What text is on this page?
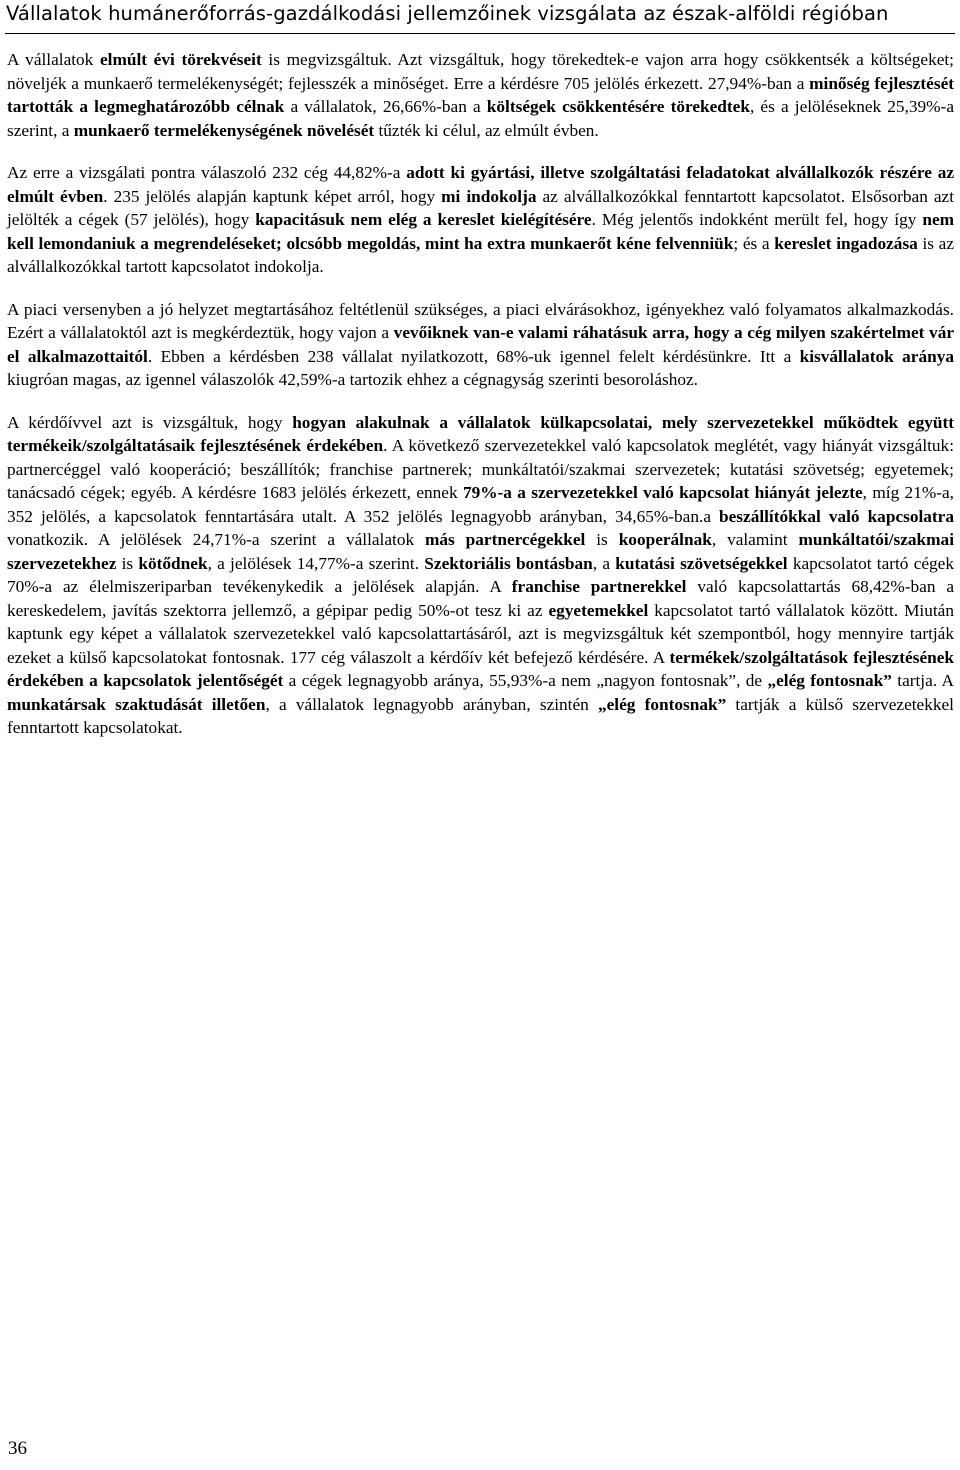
Vállalatok humánerőforrás-gazdálkodási jellemzőinek vizsgálata az észak-alföldi régióban

A vállalatok elmúlt évi törekvéseit is megvizsgáltuk. Azt vizsgáltuk, hogy törekedtek-e vajon arra hogy csökkentsék a költségeket; növeljék a munkaerő termelékenységét; fejlesszék a minőséget. Erre a kérdésre 705 jelölés érkezett. 27,94%-ban a minőség fejlesztését tartották a legmeghatározóbb célnak a vállalatok, 26,66%-ban a költségek csökkentésére törekedtek, és a jelöléseknek 25,39%-a szerint, a munkaerő termelékenységének növelését tűzték ki célul, az elmúlt évben.

Az erre a vizsgálati pontra válaszoló 232 cég 44,82%-a adott ki gyártási, illetve szolgáltatási feladatokat alvállalkozók részére az elmúlt évben. 235 jelölés alapján kaptunk képet arról, hogy mi indokolja az alvállalkozókkal fenntartott kapcsolatot. Elsősorban azt jelölték a cégek (57 jelölés), hogy kapacitásuk nem elég a kereslet kielégítésére. Még jelentős indokként merült fel, hogy így nem kell lemondaniuk a megrendeléseket; olcsóbb megoldás, mint ha extra munkaerőt kéne felvenniük; és a kereslet ingadozása is az alvállalkozókkal tartott kapcsolatot indokolja.

A piaci versenyben a jó helyzet megtartásához feltétlenül szükséges, a piaci elvárásokhoz, igényekhez való folyamatos alkalmazkodás. Ezért a vállalatoktól azt is megkérdeztük, hogy vajon a vevőiknek van-e valami ráhatásuk arra, hogy a cég milyen szakértelmet vár el alkalmazottaitól. Ebben a kérdésben 238 vállalat nyilatkozott, 68%-uk igennel felelt kérdésünkre. Itt a kisvállalatok aránya kiugróan magas, az igennel válaszolók 42,59%-a tartozik ehhez a cégnagyság szerinti besoroláshoz.

A kérdőívvel azt is vizsgáltuk, hogy hogyan alakulnak a vállalatok külkapcsolatai, mely szervezetekkel működtek együtt termékeik/szolgáltatásaik fejlesztésének érdekében. A következő szervezetekkel való kapcsolatok meglétét, vagy hiányát vizsgáltuk: partnercéggel való kooperáció; beszállítók; franchise partnerek; munkáltatói/szakmai szervezetek; kutatási szövetség; egyetemek; tanácsadó cégek; egyéb. A kérdésre 1683 jelölés érkezett, ennek 79%-a a szervezetekkel való kapcsolat hiányát jelezte, míg 21%-a, 352 jelölés, a kapcsolatok fenntartására utalt. A 352 jelölés legnagyobb arányban, 34,65%-ban.a beszállítókkal való kapcsolatra vonatkozik. A jelölések 24,71%-a szerint a vállalatok más partnercégekkel is kooperálnak, valamint munkáltatói/szakmai szervezetekhez is kötődnek, a jelölések 14,77%-a szerint. Szektoriális bontásban, a kutatási szövetségekkel kapcsolatot tartó cégek 70%-a az élelmiszeriparban tevékenykedik a jelölések alapján. A franchise partnerekkel való kapcsolattartás 68,42%-ban a kereskedelem, javítás szektorra jellemző, a gépipar pedig 50%-ot tesz ki az egyetemekkel kapcsolatot tartó vállalatok között. Miután kaptunk egy képet a vállalatok szervezetekkel való kapcsolattartásáról, azt is megvizsgáltuk két szempontból, hogy mennyire tartják ezeket a külső kapcsolatokat fontosnak. 177 cég válaszolt a kérdőív két befejező kérdésére. A termékek/szolgáltatások fejlesztésének érdekében a kapcsolatok jelentőségét a cégek legnagyobb aránya, 55,93%-a nem „nagyon fontosnak”, de „elég fontosnak” tartja. A munkatársak szaktudását illetően, a vállalatok legnagyobb arányban, szintén „elég fontosnak” tartják a külső szervezetekkel fenntartott kapcsolatokat.

36
